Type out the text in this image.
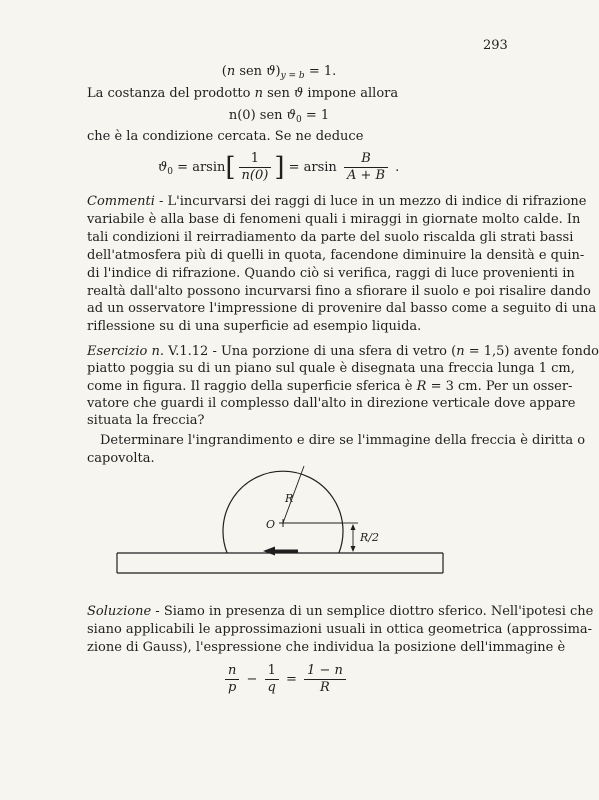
293
(n sen $ϑ)_{y = b} = 1$.
La costanza del prodotto n sen ϑ impone allora
n(0) sen $ϑ_0 = 1$
che è la condizione cercata. Se ne deduce
$ϑ_0 = arsin[ \frac{1}{n(0)}$ ] = arsin $\frac{B}{A + B}$ .
Commenti - L'incurvarsi dei raggi di luce in un mezzo di indice di rifrazione
variabile è alla base di fenomeni quali i miraggi in giornate molto calde. In
tali condizioni il reirradiamento da parte del suolo riscalda gli strati bassi
dell'atmosfera più di quelli in quota, facendone diminuire la densità e quin-
di l'indice di rifrazione. Quando ciò si verifica, raggi di luce provenienti in
realtà dall'alto possono incurvarsi fino a sfiorare il suolo e poi risalire dando
ad un osservatore l'impressione di provenire dal basso come a seguito di una
riflessione su di una superficie ad esempio liquida.
Esercizio n. V.1.12 - Una porzione di una sfera di vetro (n = 1,5) avente fondo
piatto poggia su di un piano sul quale è disegnata una freccia lunga 1 cm,
come in figura. Il raggio della superficie sferica è R = 3 cm. Per un osser-
vatore che guardi il complesso dall'alto in direzione verticale dove appare
situata la freccia?
Determinare l'ingrandimento e dire se l'immagine della freccia è diritta o
capovolta.
R
O
R/2
Soluzione - Siamo in presenza di un semplice diottro sferico. Nell'ipotesi che
siano applicabili le approssimazioni usuali in ottica geometrica (approssima-
zione di Gauss), l'espressione che individua la posizione dell'immagine è
$\frac{n}{p} - \frac{1}{q} = \frac{1 - n}{R}$
